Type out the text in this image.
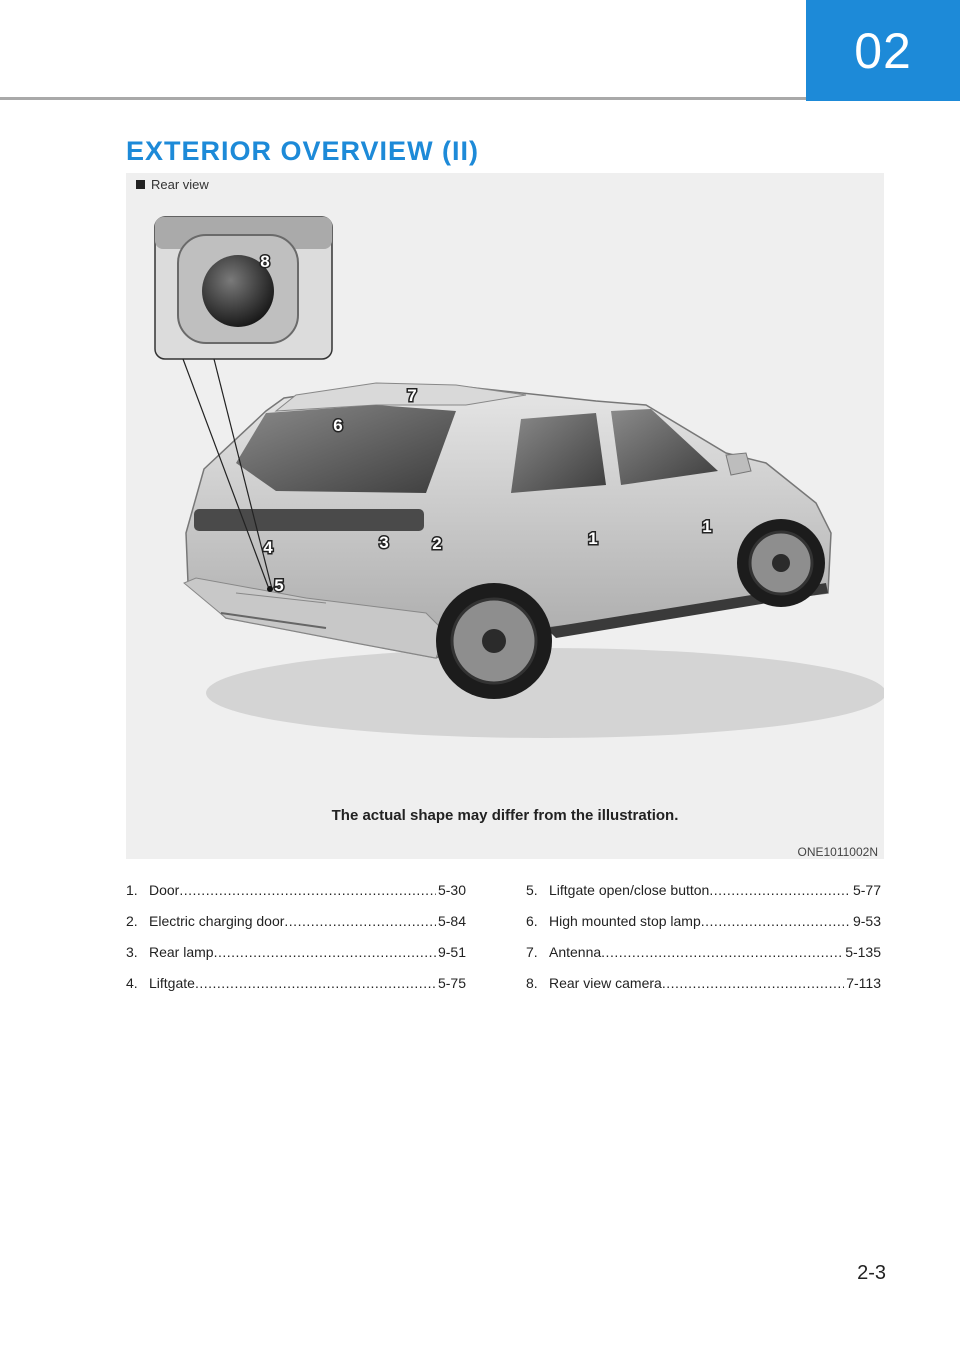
02
EXTERIOR OVERVIEW (II)
1
1
2
3
4
5
6
7
8
Rear view
The actual shape may differ from the illustration.
ONE1011002N
1. Door .....	5-30
2. Electric charging door .....	5-84
3. Rear lamp .....	9-51
4. Liftgate .....	5-75
5. Liftgate open/close button .....	5-77
6. High mounted stop lamp .....	9-53
7. Antenna .....	5-135
8. Rear view camera .....	7-113
2-3
